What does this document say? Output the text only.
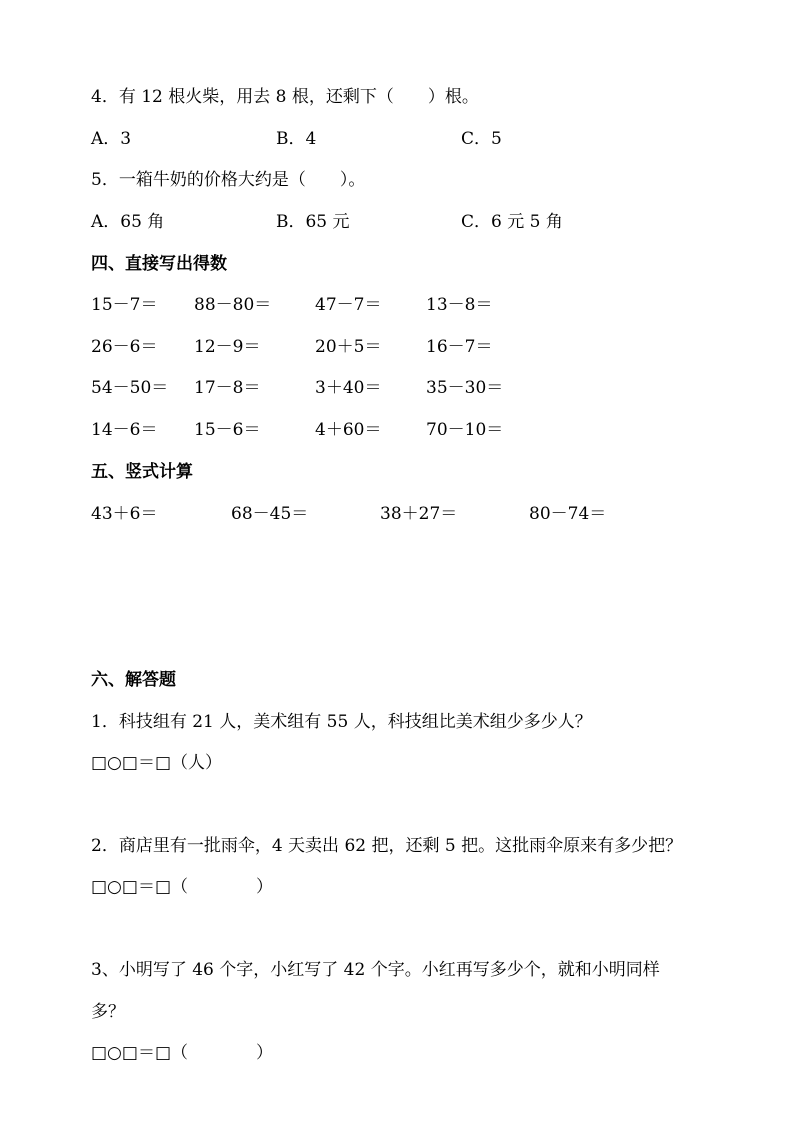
4．有 12 根火柴，用去 8 根，还剩下（　　）根。
A．3	B．4	C．5
5．一箱牛奶的价格大约是（　　）。
A．65 角	B．65 元	C．6 元 5 角
四、直接写出得数
15－7＝ 88－80＝	47－7＝	13－8＝
26－6＝ 12－9＝	20＋5＝	16－7＝
54－50＝ 17－8＝	3＋40＝	35－30＝
14－6＝ 15－6＝	4＋60＝	70－10＝
五、竖式计算
43＋6＝	68－45＝	38＋27＝	80－74＝
六、解答题
1．科技组有 21 人，美术组有 55 人，科技组比美术组少多少人？
□○□＝□（人）
2．商店里有一批雨伞，4 天卖出 62 把，还剩 5 把。这批雨伞原来有多少把？
□○□＝□（　　　　）
3、小明写了 46 个字，小红写了 42 个字。小红再写多少个，就和小明同样
多？
□○□＝□（　　　　）
